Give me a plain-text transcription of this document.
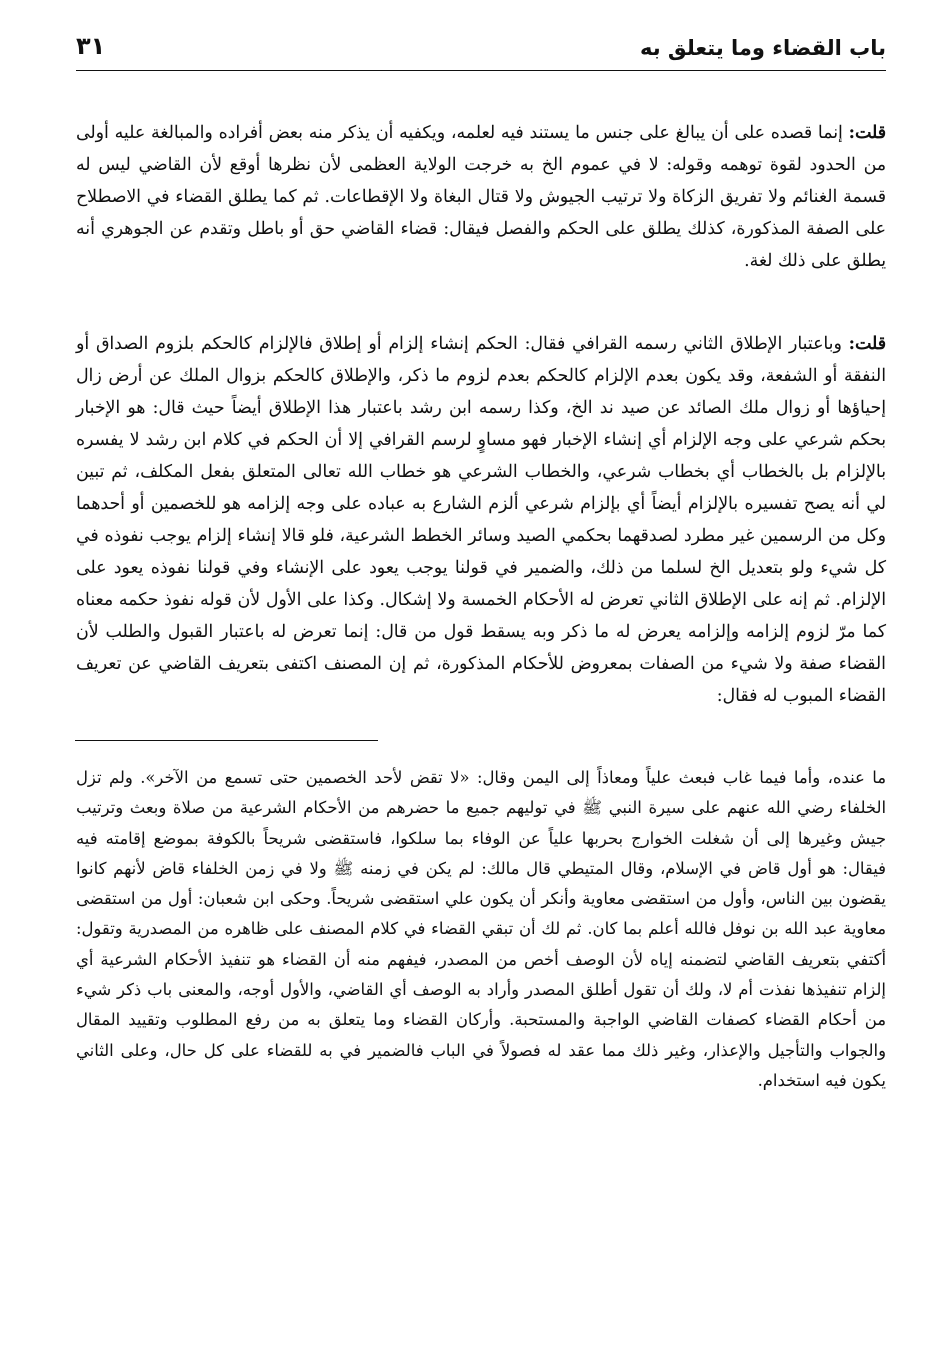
باب القضاء وما يتعلق به
٣١

قلت: إنما قصده على أن يبالغ على جنس ما يستند فيه لعلمه، ويكفيه أن يذكر منه بعض أفراده والمبالغة عليه أولى من الحدود لقوة توهمه وقوله: لا في عموم الخ به خرجت الولاية العظمى لأن نظرها أوقع لأن القاضي ليس له قسمة الغنائم ولا تفريق الزكاة ولا ترتيب الجيوش ولا قتال البغاة ولا الإقطاعات. ثم كما يطلق القضاء في الاصطلاح على الصفة المذكورة، كذلك يطلق على الحكم والفصل فيقال: قضاء القاضي حق أو باطل وتقدم عن الجوهري أنه يطلق على ذلك لغة.

قلت: وباعتبار الإطلاق الثاني رسمه القرافي فقال: الحكم إنشاء إلزام أو إطلاق فالإلزام كالحكم بلزوم الصداق أو النفقة أو الشفعة، وقد يكون بعدم الإلزام كالحكم بعدم لزوم ما ذكر، والإطلاق كالحكم بزوال الملك عن أرض زال إحياؤها أو زوال ملك الصائد عن صيد ند الخ، وكذا رسمه ابن رشد باعتبار هذا الإطلاق أيضاً حيث قال: هو الإخبار بحكم شرعي على وجه الإلزام أي إنشاء الإخبار فهو مساوٍ لرسم القرافي إلا أن الحكم في كلام ابن رشد لا يفسره بالإلزام بل بالخطاب أي بخطاب شرعي، والخطاب الشرعي هو خطاب الله تعالى المتعلق بفعل المكلف، ثم تبين لي أنه يصح تفسيره بالإلزام أيضاً أي بإلزام شرعي ألزم الشارع به عباده على وجه إلزامه هو للخصمين أو أحدهما وكل من الرسمين غير مطرد لصدقهما بحكمي الصيد وسائر الخطط الشرعية، فلو قالا إنشاء إلزام يوجب نفوذه في كل شيء ولو بتعديل الخ لسلما من ذلك، والضمير في قولنا يوجب يعود على الإنشاء وفي قولنا نفوذه يعود على الإلزام. ثم إنه على الإطلاق الثاني تعرض له الأحكام الخمسة ولا إشكال. وكذا على الأول لأن قوله نفوذ حكمه معناه كما مرّ لزوم إلزامه وإلزامه يعرض له ما ذكر وبه يسقط قول من قال: إنما تعرض له باعتبار القبول والطلب لأن القضاء صفة ولا شيء من الصفات بمعروض للأحكام المذكورة، ثم إن المصنف اكتفى بتعريف القاضي عن تعريف القضاء المبوب له فقال:

ما عنده، وأما فيما غاب فبعث علياً ومعاذاً إلى اليمن وقال: «لا تقض لأحد الخصمين حتى تسمع من الآخر». ولم تزل الخلفاء رضي الله عنهم على سيرة النبي ﷺ في توليهم جميع ما حضرهم من الأحكام الشرعية من صلاة وبعث وترتيب جيش وغيرها إلى أن شغلت الخوارج بحربها علياً عن الوفاء بما سلكوا، فاستقضى شريحاً بالكوفة بموضع إقامته فيه فيقال: هو أول قاض في الإسلام، وقال المتيطي قال مالك: لم يكن في زمنه ﷺ ولا في زمن الخلفاء قاض لأنهم كانوا يقضون بين الناس، وأول من استقضى معاوية وأنكر أن يكون علي استقضى شريحاً. وحكى ابن شعبان: أول من استقضى معاوية عبد الله بن نوفل فالله أعلم بما كان. ثم لك أن تبقي القضاء في كلام المصنف على ظاهره من المصدرية وتقول: أكتفي بتعريف القاضي لتضمنه إياه لأن الوصف أخص من المصدر، فيفهم منه أن القضاء هو تنفيذ الأحكام الشرعية أي إلزام تنفيذها نفذت أم لا، ولك أن تقول أطلق المصدر وأراد به الوصف أي القاضي، والأول أوجه، والمعنى باب ذكر شيء من أحكام القضاء كصفات القاضي الواجبة والمستحبة. وأركان القضاء وما يتعلق به من رفع المطلوب وتقييد المقال والجواب والتأجيل والإعذار، وغير ذلك مما عقد له فصولاً في الباب فالضمير في به للقضاء على كل حال، وعلى الثاني يكون فيه استخدام.
